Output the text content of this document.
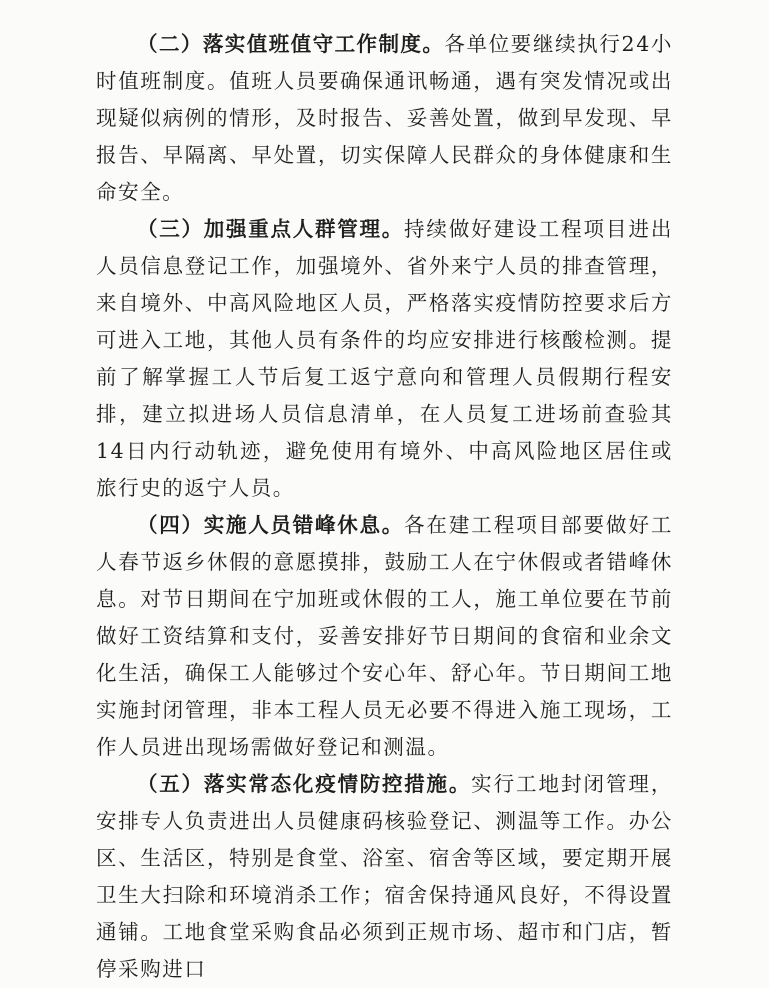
（二）落实值班值守工作制度。各单位要继续执行24小时值班制度。值班人员要确保通讯畅通，遇有突发情况或出现疑似病例的情形，及时报告、妥善处置，做到早发现、早报告、早隔离、早处置，切实保障人民群众的身体健康和生命安全。

（三）加强重点人群管理。持续做好建设工程项目进出人员信息登记工作，加强境外、省外来宁人员的排查管理，来自境外、中高风险地区人员，严格落实疫情防控要求后方可进入工地，其他人员有条件的均应安排进行核酸检测。提前了解掌握工人节后复工返宁意向和管理人员假期行程安排，建立拟进场人员信息清单，在人员复工进场前查验其14日内行动轨迹，避免使用有境外、中高风险地区居住或旅行史的返宁人员。

（四）实施人员错峰休息。各在建工程项目部要做好工人春节返乡休假的意愿摸排，鼓励工人在宁休假或者错峰休息。对节日期间在宁加班或休假的工人，施工单位要在节前做好工资结算和支付，妥善安排好节日期间的食宿和业余文化生活，确保工人能够过个安心年、舒心年。节日期间工地实施封闭管理，非本工程人员无必要不得进入施工现场，工作人员进出现场需做好登记和测温。

（五）落实常态化疫情防控措施。实行工地封闭管理，安排专人负责进出人员健康码核验登记、测温等工作。办公区、生活区，特别是食堂、浴室、宿舍等区域，要定期开展卫生大扫除和环境消杀工作；宿舍保持通风良好，不得设置通铺。工地食堂采购食品必须到正规市场、超市和门店，暂停采购进口
